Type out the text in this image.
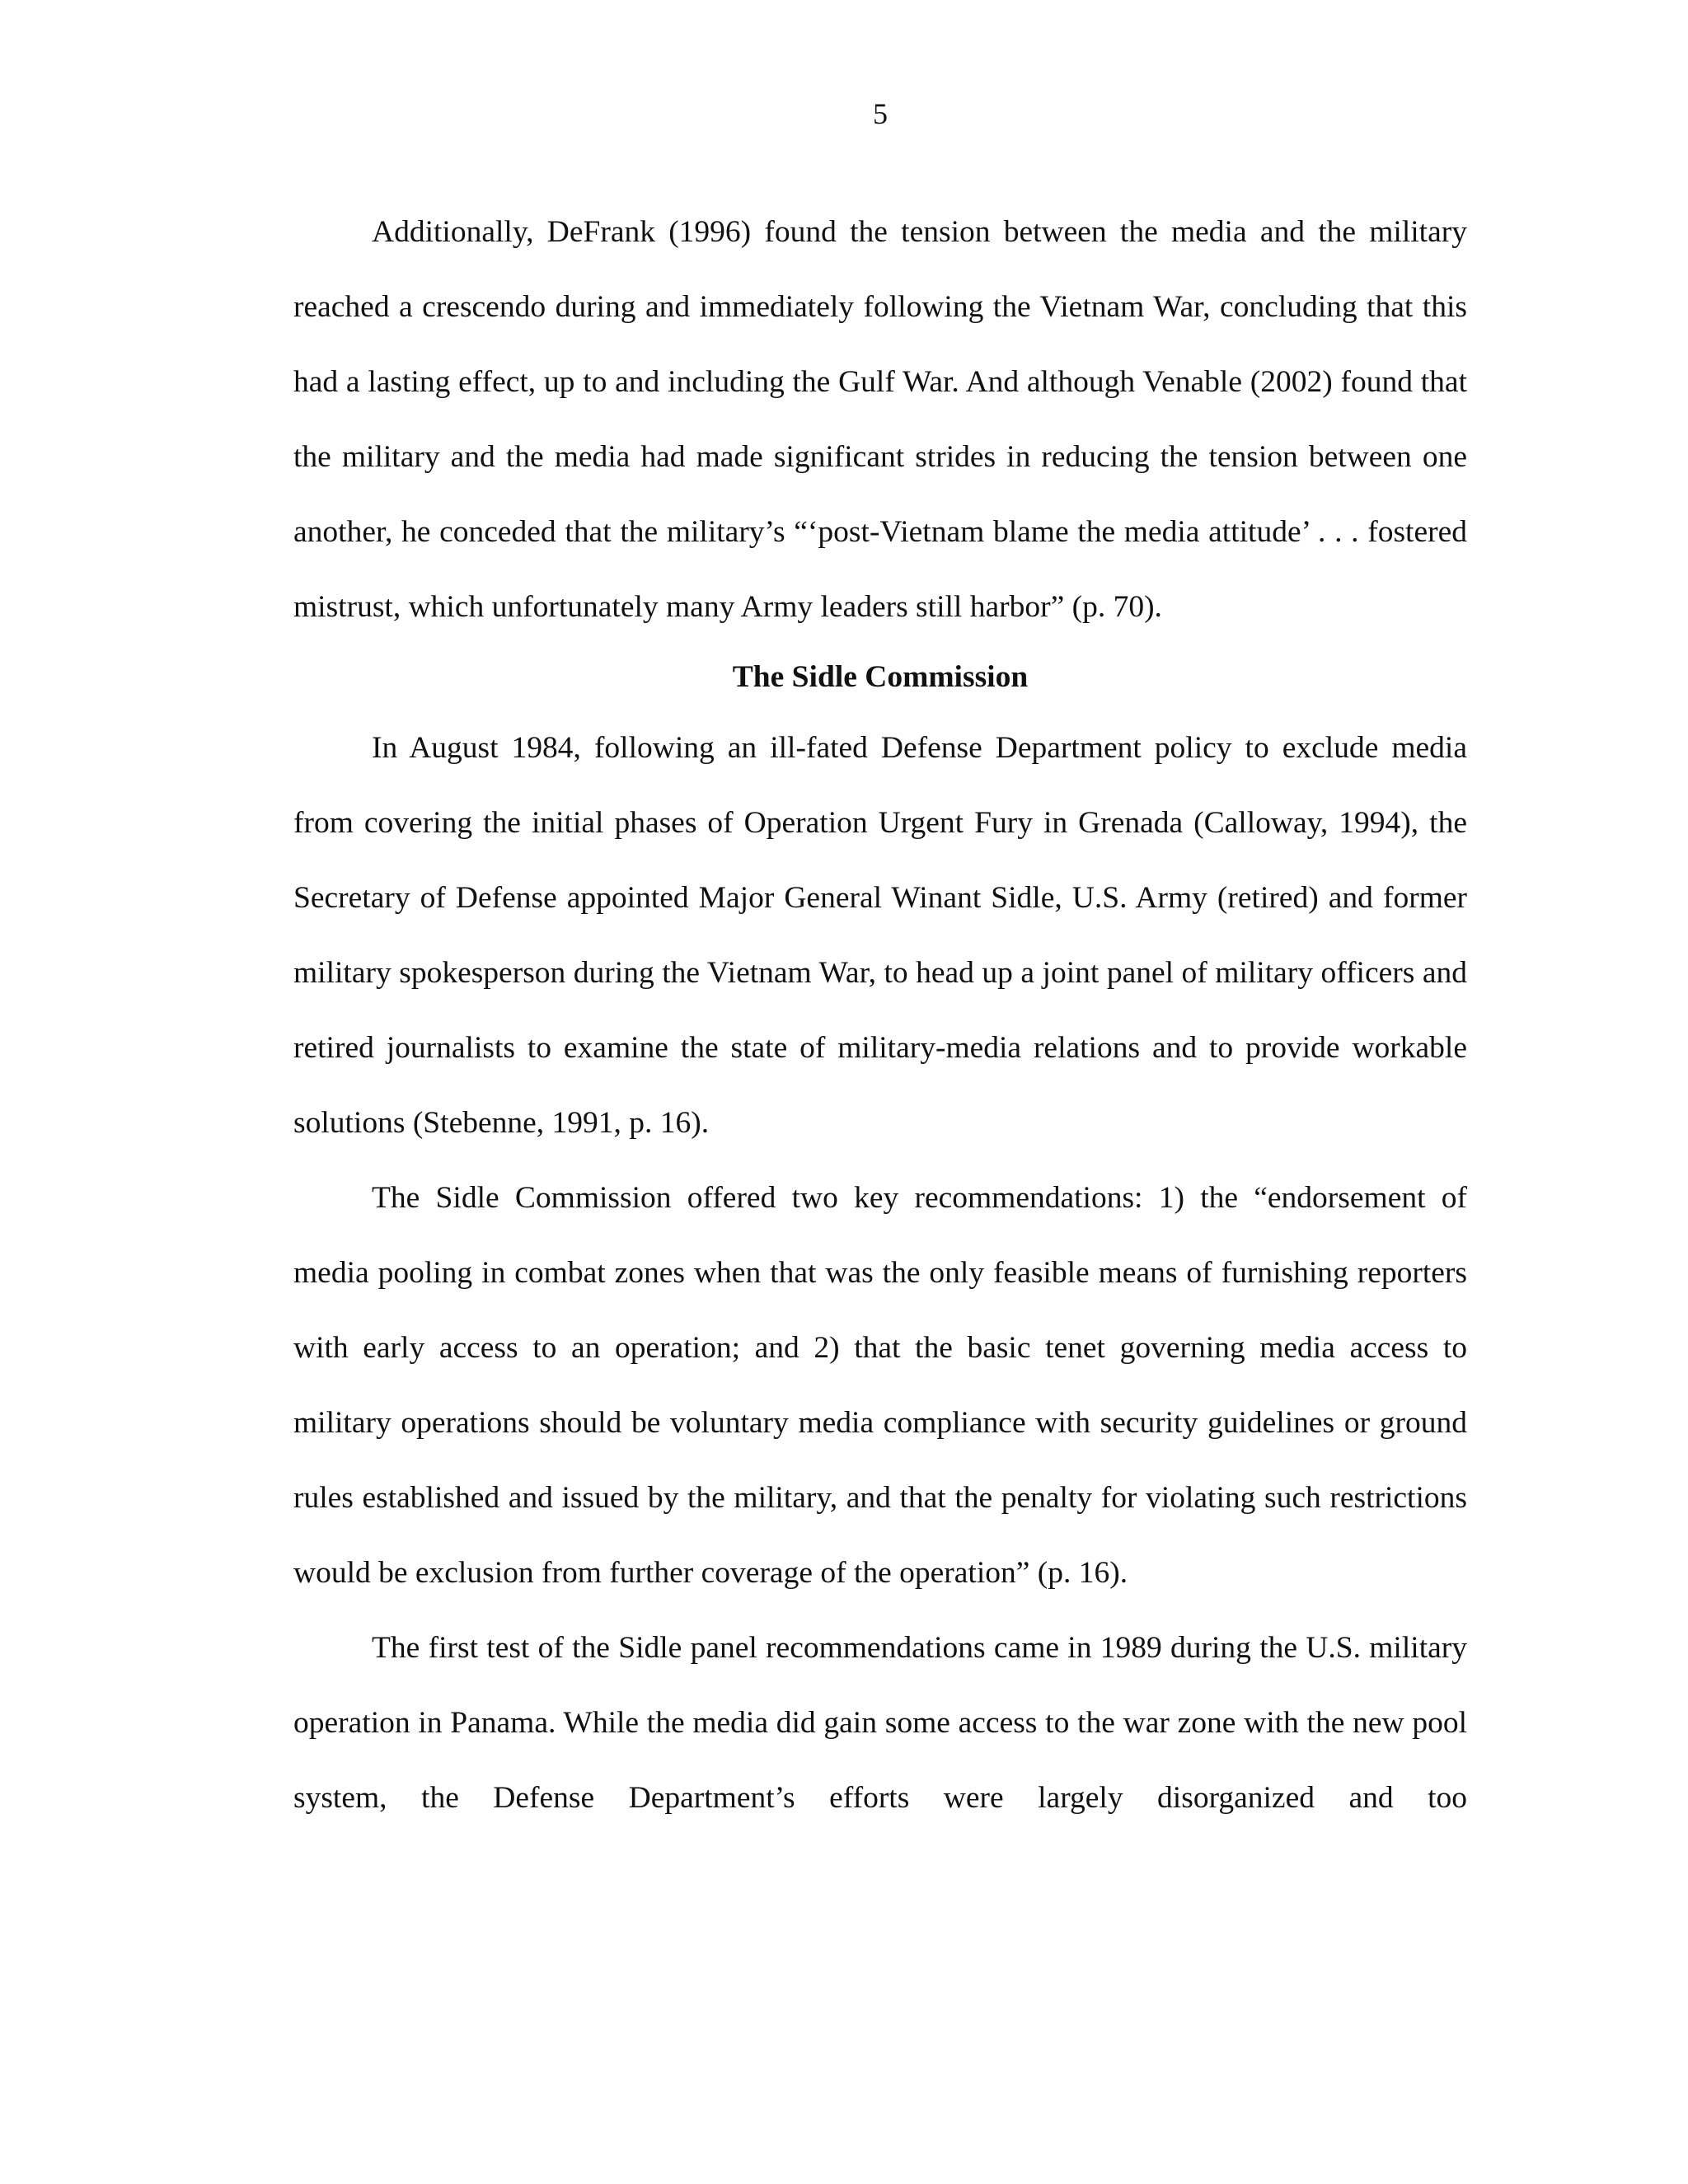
5

Additionally, DeFrank (1996) found the tension between the media and the military reached a crescendo during and immediately following the Vietnam War, concluding that this had a lasting effect, up to and including the Gulf War. And although Venable (2002) found that the military and the media had made significant strides in reducing the tension between one another, he conceded that the military’s “‘post-Vietnam blame the media attitude’ . . . fostered mistrust, which unfortunately many Army leaders still harbor” (p. 70).

The Sidle Commission

In August 1984, following an ill-fated Defense Department policy to exclude media from covering the initial phases of Operation Urgent Fury in Grenada (Calloway, 1994), the Secretary of Defense appointed Major General Winant Sidle, U.S. Army (retired) and former military spokesperson during the Vietnam War, to head up a joint panel of military officers and retired journalists to examine the state of military-media relations and to provide workable solutions (Stebenne, 1991, p. 16).

The Sidle Commission offered two key recommendations: 1) the “endorsement of media pooling in combat zones when that was the only feasible means of furnishing reporters with early access to an operation; and 2) that the basic tenet governing media access to military operations should be voluntary media compliance with security guidelines or ground rules established and issued by the military, and that the penalty for violating such restrictions would be exclusion from further coverage of the operation” (p. 16).

The first test of the Sidle panel recommendations came in 1989 during the U.S. military operation in Panama. While the media did gain some access to the war zone with the new pool system, the Defense Department’s efforts were largely disorganized and too
